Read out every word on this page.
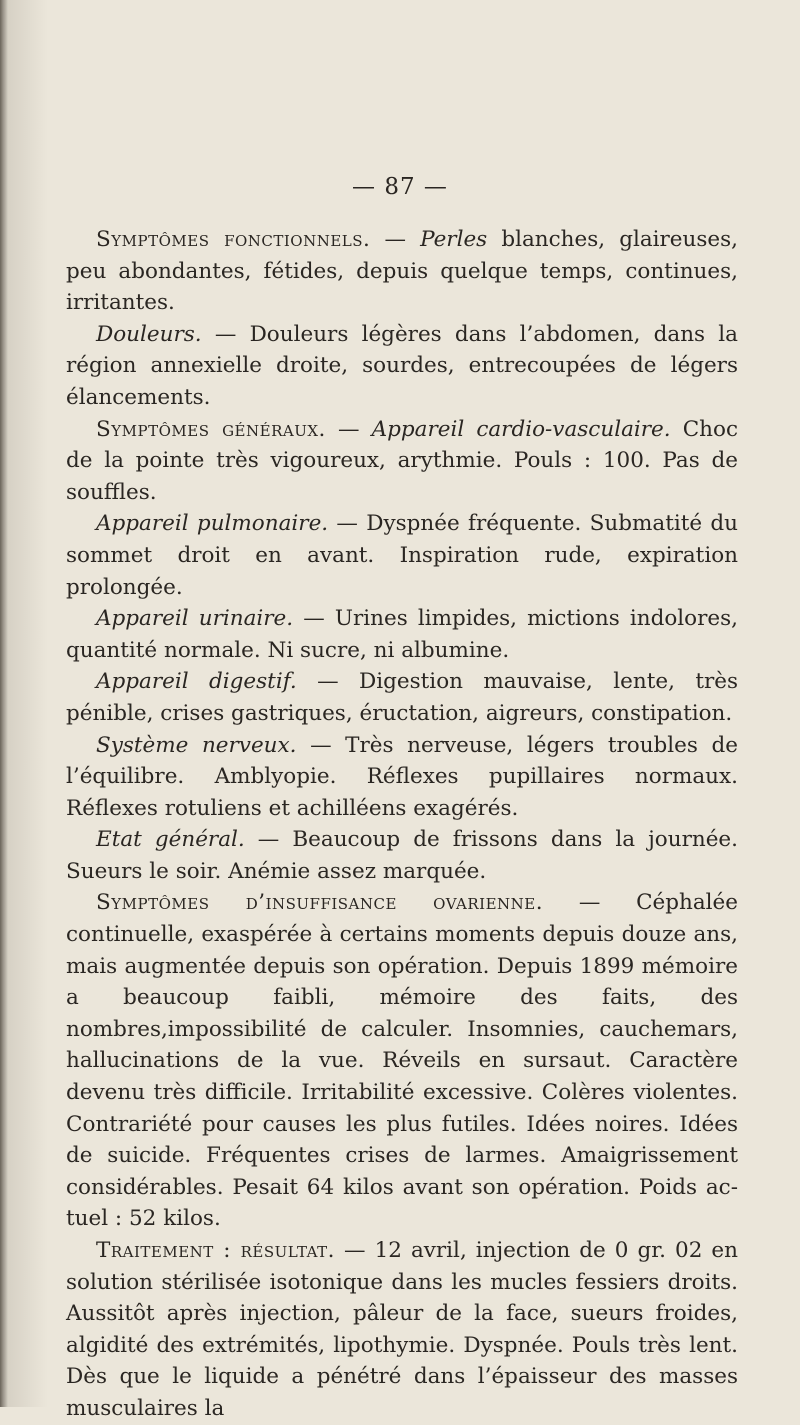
— 87 —

Symptômes fonctionnels. — Perles blanches, glaireuses, peu abondantes, fétides, depuis quelque temps, continues, irritantes.

Douleurs. — Douleurs légères dans l’abdomen, dans la région annexielle droite, sourdes, entrecoupées de légers élancements.

Symptômes généraux. — Appareil cardio-vasculaire. Choc de la pointe très vigoureux, arythmie. Pouls : 100. Pas de souffles.

Appareil pulmonaire. — Dyspnée fréquente. Submatité du sommet droit en avant. Inspiration rude, expiration prolongée.

Appareil urinaire. — Urines limpides, mictions indolores, quantité normale. Ni sucre, ni albumine.

Appareil digestif. — Digestion mauvaise, lente, très pénible, crises gastriques, éructation, aigreurs, constipation.

Système nerveux. — Très nerveuse, légers troubles de l’équilibre. Amblyopie. Réflexes pupillaires normaux. Réflexes rotuliens et achilléens exagérés.

Etat général. — Beaucoup de frissons dans la journée. Sueurs le soir. Anémie assez marquée.

Symptômes d’insuffisance ovarienne. — Céphalée continuelle, exaspérée à certains moments depuis douze ans, mais augmentée depuis son opération. Depuis 1899 mémoire a beaucoup faibli, mémoire des faits, des nombres,impossibilité de calculer. Insomnies, cauchemars, hallucinations de la vue. Réveils en sursaut. Caractère devenu très difficile. Irritabilité excessive. Colères violentes. Contrariété pour causes les plus futiles. Idées noires. Idées de suicide. Fréquentes crises de larmes. Amaigrissement considérables. Pesait 64 kilos avant son opération. Poids actuel : 52 kilos.

Traitement : résultat. — 12 avril, injection de 0 gr. 02 en solution stérilisée isotonique dans les mucles fessiers droits. Aussitôt après injection, pâleur de la face, sueurs froides, algidité des extrémités, lipothymie. Dyspnée. Pouls très lent. Dès que le liquide a pénétré dans l’épaisseur des masses musculaires la
